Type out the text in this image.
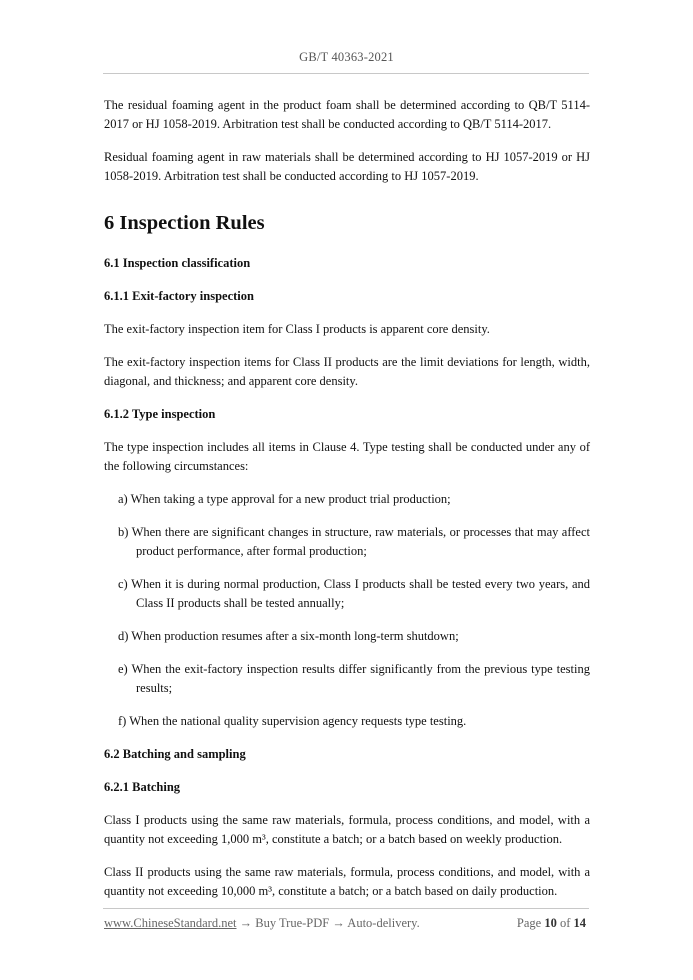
GB/T 40363-2021

The residual foaming agent in the product foam shall be determined according to QB/T 5114-2017 or HJ 1058-2019. Arbitration test shall be conducted according to QB/T 5114-2017.

Residual foaming agent in raw materials shall be determined according to HJ 1057-2019 or HJ 1058-2019. Arbitration test shall be conducted according to HJ 1057-2019.

6 Inspection Rules
6.1 Inspection classification
6.1.1 Exit-factory inspection

The exit-factory inspection item for Class I products is apparent core density.

The exit-factory inspection items for Class II products are the limit deviations for length, width, diagonal, and thickness; and apparent core density.

6.1.2 Type inspection

The type inspection includes all items in Clause 4. Type testing shall be conducted under any of the following circumstances:

a) When taking a type approval for a new product trial production;
b) When there are significant changes in structure, raw materials, or processes that may affect product performance, after formal production;
c) When it is during normal production, Class I products shall be tested every two years, and Class II products shall be tested annually;
d) When production resumes after a six-month long-term shutdown;
e) When the exit-factory inspection results differ significantly from the previous type testing results;
f) When the national quality supervision agency requests type testing.
6.2 Batching and sampling
6.2.1 Batching

Class I products using the same raw materials, formula, process conditions, and model, with a quantity not exceeding 1,000 m³, constitute a batch; or a batch based on weekly production.

Class II products using the same raw materials, formula, process conditions, and model, with a quantity not exceeding 10,000 m³, constitute a batch; or a batch based on daily production.

www.ChineseStandard.net → Buy True-PDF → Auto-delivery.	Page 10 of 14
